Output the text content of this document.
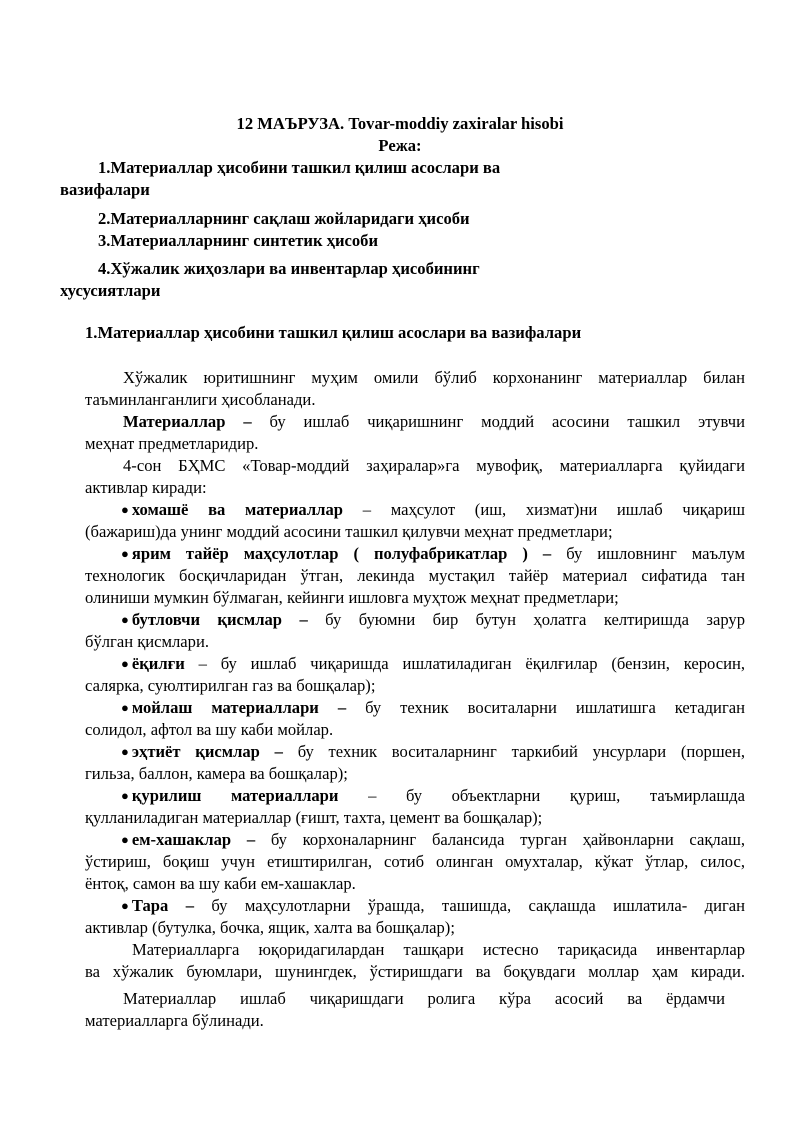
12 МАЪРУЗА. Tovar-moddiy zaxiralar hisobi
Режа:
1.Материаллар ҳисобини ташкил қилиш асослари ва
вазифалари
2.Материалларнинг сақлаш жойларидаги ҳисоби
3.Материалларнинг синтетик ҳисоби
4.Хўжалик жиҳозлари ва инвентарлар ҳисобининг
хусусиятлари
1.Материаллар ҳисобини ташкил қилиш асослари ва вазифалари
Хўжалик юритишнинг муҳим омили бўлиб корхонанинг материаллар билан
таъминланганлиги ҳисобланади.
Материаллар – бу ишлаб чиқаришнинг моддий асосини ташкил этувчи
меҳнат предметларидир.
4-сон БҲМС «Товар-моддий заҳиралар»га мувофиқ, материалларга қуйидаги
активлар киради:
● хомашё ва материаллар – маҳсулот (иш, хизмат)ни ишлаб чиқариш
(бажариш)да унинг моддий асосини ташкил қилувчи меҳнат предметлари;
● ярим тайёр маҳсулотлар ( полуфабрикатлар ) – бу ишловнинг маълум
технологик босқичларидан ўтган, лекинда мустақил тайёр материал сифатида тан
олиниши мумкин бўлмаган, кейинги ишловга муҳтож меҳнат предметлари;
● бутловчи қисмлар – бу буюмни бир бутун ҳолатга келтиришда зарур
бўлган қисмлари.
● ёқилғи – бу ишлаб чиқаришда ишлатиладиган ёқилғилар (бензин, керосин,
салярка, суюлтирилган газ ва бошқалар);
● мойлаш материаллари – бу техник воситаларни ишлатишга кетадиган
солидол, афтол ва шу каби мойлар.
● эҳтиёт қисмлар – бу техник воситаларнинг таркибий унсурлари (поршен,
гильза, баллон, камера ва бошқалар);
● қурилиш материаллари – бу объектларни қуриш, таъмирлашда
қулланиладиган материаллар (ғишт, тахта, цемент ва бошқалар);
● ем-хашаклар – бу корхоналарнинг балансида турган ҳайвонларни сақлаш,
ўстириш, боқиш учун етиштирилган, сотиб олинган омухталар, кўкат ўтлар, силос,
ёнтоқ, самон ва шу каби ем-хашаклар.
● Тара – бу маҳсулотларни ўрашда, ташишда, сақлашда ишлатила- диган
активлар (бутулка, бочка, ящик, халта ва бошқалар);
Материалларга юқоридагилардан ташқари истесно тариқасида инвентарлар
ва хўжалик буюмлари, шунингдек, ўстиришдаги ва боқувдаги моллар ҳам киради.
Материаллар ишлаб чиқаришдаги ролига кўра асосий ва ёрдамчи
материалларга бўлинади.
